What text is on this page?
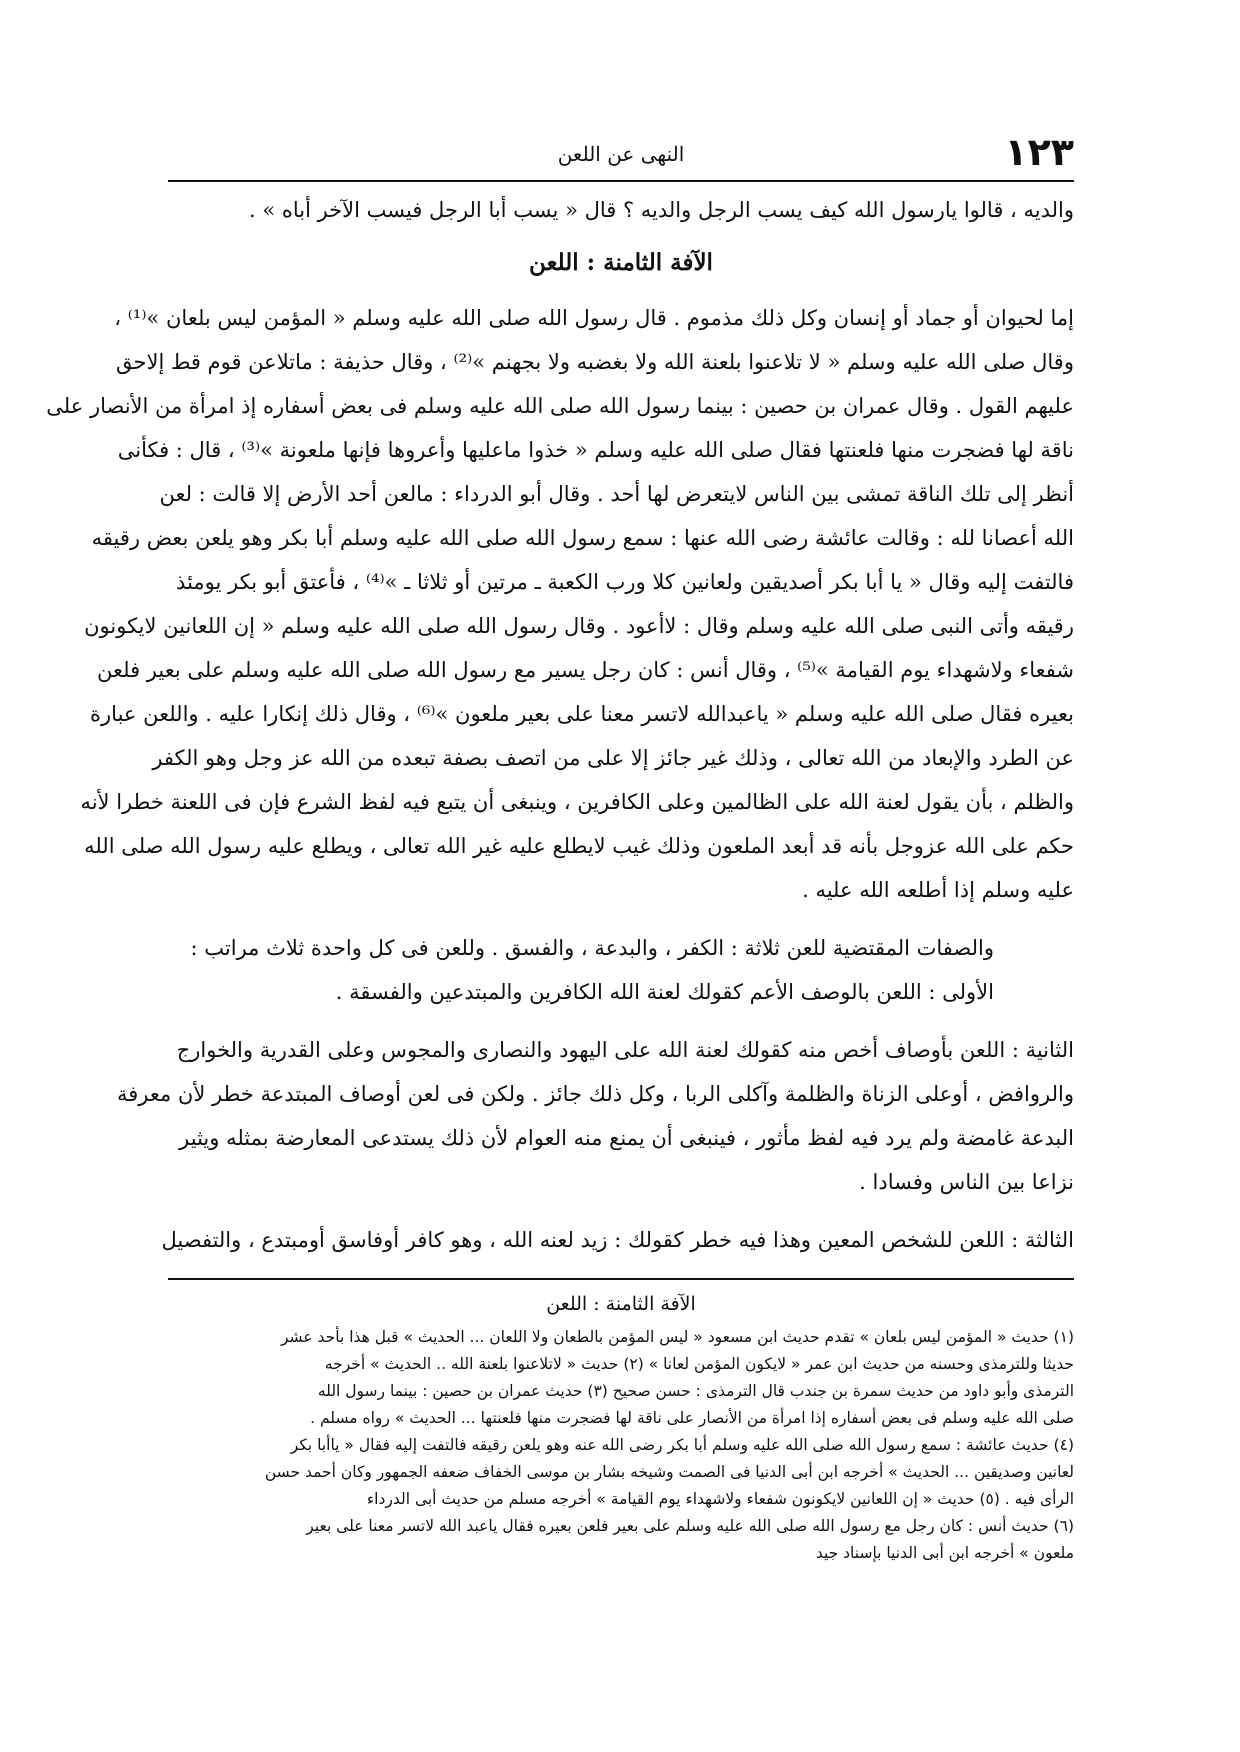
١٢٣
النهى عن اللعن
والديه ، قالوا يارسول الله كيف يسب الرجل والديه ؟ قال « يسب أبا الرجل فيسب الآخر أباه » .
الآفة الثامنة : اللعن
إما لحيوان أو جماد أو إنسان وكل ذلك مذموم . قال رسول الله صلى الله عليه وسلم « المؤمن ليس بلعان »⁽¹⁾ ،
وقال صلى الله عليه وسلم « لا تلاعنوا بلعنة الله ولا بغضبه ولا بجهنم »⁽²⁾ ، وقال حذيفة : ماتلاعن قوم قط إلاحق
عليهم القول . وقال عمران بن حصين : بينما رسول الله صلى الله عليه وسلم فى بعض أسفاره إذ امرأة من الأنصار على
ناقة لها فضجرت منها فلعنتها فقال صلى الله عليه وسلم « خذوا ماعليها وأعروها فإنها ملعونة »⁽³⁾ ، قال : فكأنى
أنظر إلى تلك الناقة تمشى بين الناس لايتعرض لها أحد . وقال أبو الدرداء : مالعن أحد الأرض إلا قالت : لعن
الله أعصانا لله : وقالت عائشة رضى الله عنها : سمع رسول الله صلى الله عليه وسلم أبا بكر وهو يلعن بعض رقيقه
فالتفت إليه وقال « يا أبا بكر أصديقين ولعانين كلا ورب الكعبة ـ مرتين أو ثلاثا ـ »⁽⁴⁾ ، فأعتق أبو بكر يومئذ
رقيقه وأتى النبى صلى الله عليه وسلم وقال : لاأعود . وقال رسول الله صلى الله عليه وسلم « إن اللعانين لايكونون
شفعاء ولاشهداء يوم القيامة »⁽⁵⁾ ، وقال أنس : كان رجل يسير مع رسول الله صلى الله عليه وسلم على بعير فلعن
بعيره فقال صلى الله عليه وسلم « ياعبدالله لاتسر معنا على بعير ملعون »⁽⁶⁾ ، وقال ذلك إنكارا عليه . واللعن عبارة
عن الطرد والإبعاد من الله تعالى ، وذلك غير جائز إلا على من اتصف بصفة تبعده من الله عز وجل وهو الكفر
والظلم ، بأن يقول لعنة الله على الظالمين وعلى الكافرين ، وينبغى أن يتبع فيه لفظ الشرع فإن فى اللعنة خطرا لأنه
حكم على الله عزوجل بأنه قد أبعد الملعون وذلك غيب لايطلع عليه غير الله تعالى ، ويطلع عليه رسول الله صلى الله
عليه وسلم إذا أطلعه الله عليه .
والصفات المقتضية للعن ثلاثة : الكفر ، والبدعة ، والفسق . وللعن فى كل واحدة ثلاث مراتب :
الأولى : اللعن بالوصف الأعم كقولك لعنة الله الكافرين والمبتدعين والفسقة .
الثانية : اللعن بأوصاف أخص منه كقولك لعنة الله على اليهود والنصارى والمجوس وعلى القدرية والخوارج
والروافض ، أوعلى الزناة والظلمة وآكلى الربا ، وكل ذلك جائز . ولكن فى لعن أوصاف المبتدعة خطر لأن معرفة
البدعة غامضة ولم يرد فيه لفظ مأثور ، فينبغى أن يمنع منه العوام لأن ذلك يستدعى المعارضة بمثله ويثير
نزاعا بين الناس وفسادا .
الثالثة : اللعن للشخص المعين وهذا فيه خطر كقولك : زيد لعنه الله ، وهو كافر أوفاسق أومبتدع ، والتفصيل
الآفة الثامنة : اللعن
(١) حديث « المؤمن ليس بلعان » تقدم حديث ابن مسعود « ليس المؤمن بالطعان ولا اللعان ... الحديث » قبل هذا بأحد عشر
حديثا وللترمذى وحسنه من حديث ابن عمر « لايكون المؤمن لعانا » (٢) حديث « لاتلاعنوا بلعنة الله .. الحديث » أخرجه
الترمذى وأبو داود من حديث سمرة بن جندب قال الترمذى : حسن صحيح (٣) حديث عمران بن حصين : بينما رسول الله
صلى الله عليه وسلم فى بعض أسفاره إذا امرأة من الأنصار على ناقة لها فضجرت منها فلعنتها ... الحديث » رواه مسلم .
(٤) حديث عائشة : سمع رسول الله صلى الله عليه وسلم أبا بكر رضى الله عنه وهو يلعن رقيقه فالتفت إليه فقال « ياأبا بكر
لعانين وصديقين ... الحديث » أخرجه ابن أبى الدنيا فى الصمت وشيخه بشار بن موسى الخفاف ضعفه الجمهور وكان أحمد حسن
الرأى فيه . (٥) حديث « إن اللعانين لايكونون شفعاء ولاشهداء يوم القيامة » أخرجه مسلم من حديث أبى الدرداء
(٦) حديث أنس : كان رجل مع رسول الله صلى الله عليه وسلم على بعير فلعن بعيره فقال ياعبد الله لاتسر معنا على بعير
ملعون » أخرجه ابن أبى الدنيا بإسناد جيد
